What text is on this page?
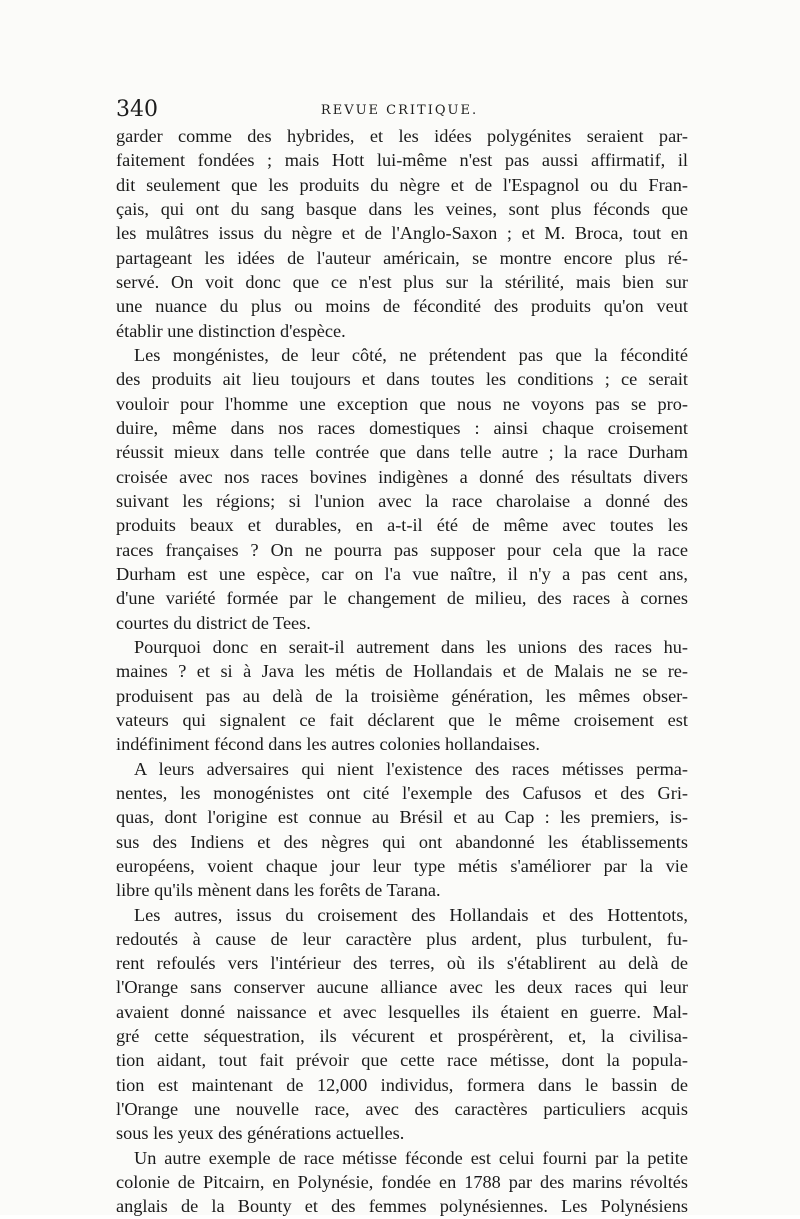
340	REVUE CRITIQUE.
garder comme des hybrides, et les idées polygénites seraient par-
faitement fondées ; mais Hott lui-même n'est pas aussi affirmatif, il
dit seulement que les produits du nègre et de l'Espagnol ou du Fran-
çais, qui ont du sang basque dans les veines, sont plus féconds que
les mulâtres issus du nègre et de l'Anglo-Saxon ; et M. Broca, tout en
partageant les idées de l'auteur américain, se montre encore plus ré-
servé. On voit donc que ce n'est plus sur la stérilité, mais bien sur
une nuance du plus ou moins de fécondité des produits qu'on veut
établir une distinction d'espèce.
Les mongénistes, de leur côté, ne prétendent pas que la fécondité
des produits ait lieu toujours et dans toutes les conditions ; ce serait
vouloir pour l'homme une exception que nous ne voyons pas se pro-
duire, même dans nos races domestiques : ainsi chaque croisement
réussit mieux dans telle contrée que dans telle autre ; la race Durham
croisée avec nos races bovines indigènes a donné des résultats divers
suivant les régions; si l'union avec la race charolaise a donné des
produits beaux et durables, en a-t-il été de même avec toutes les
races françaises ? On ne pourra pas supposer pour cela que la race
Durham est une espèce, car on l'a vue naître, il n'y a pas cent ans,
d'une variété formée par le changement de milieu, des races à cornes
courtes du district de Tees.
Pourquoi donc en serait-il autrement dans les unions des races hu-
maines ? et si à Java les métis de Hollandais et de Malais ne se re-
produisent pas au delà de la troisième génération, les mêmes obser-
vateurs qui signalent ce fait déclarent que le même croisement est
indéfiniment fécond dans les autres colonies hollandaises.
A leurs adversaires qui nient l'existence des races métisses perma-
nentes, les monogénistes ont cité l'exemple des Cafusos et des Gri-
quas, dont l'origine est connue au Brésil et au Cap : les premiers, is-
sus des Indiens et des nègres qui ont abandonné les établissements
européens, voient chaque jour leur type métis s'améliorer par la vie
libre qu'ils mènent dans les forêts de Tarana.
Les autres, issus du croisement des Hollandais et des Hottentots,
redoutés à cause de leur caractère plus ardent, plus turbulent, fu-
rent refoulés vers l'intérieur des terres, où ils s'établirent au delà de
l'Orange sans conserver aucune alliance avec les deux races qui leur
avaient donné naissance et avec lesquelles ils étaient en guerre. Mal-
gré cette séquestration, ils vécurent et prospérèrent, et, la civilisa-
tion aidant, tout fait prévoir que cette race métisse, dont la popula-
tion est maintenant de 12,000 individus, formera dans le bassin de
l'Orange une nouvelle race, avec des caractères particuliers acquis
sous les yeux des générations actuelles.
Un autre exemple de race métisse féconde est celui fourni par la petite
colonie de Pitcairn, en Polynésie, fondée en 1788 par des marins révoltés
anglais de la Bounty et des femmes polynésiennes. Les Polynésiens
